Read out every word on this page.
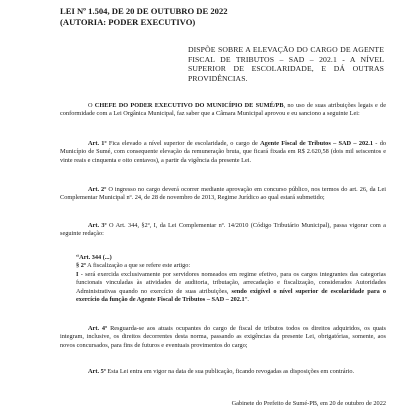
LEI Nº 1.504, DE 20 DE OUTUBRO DE 2022
(AUTORIA: PODER EXECUTIVO)

DISPÕE SOBRE A ELEVAÇÃO DO CARGO DE AGENTE FISCAL DE TRIBUTOS – SAD – 202.1 - A NÍVEL SUPERIOR DE ESCOLARIDADE, E DÁ OUTRAS PROVIDÊNCIAS.

O CHEFE DO PODER EXECUTIVO DO MUNICÍPIO DE SUMÉ/PB, no uso de suas atribuições legais e de conformidade com a Lei Orgânica Municipal, faz saber que a Câmara Municipal aprovou e eu sanciono a seguinte Lei:

Art. 1º Fica elevado a nível superior de escolaridade, o cargo de Agente Fiscal de Tributos – SAD – 202.1 - do Município de Sumé, com consequente elevação da remuneração bruta, que ficará fixada em R$ 2.620,58 (dois mil seiscentos e vinte reais e cinquenta e oito centavos), a partir da vigência da presente Lei.

Art. 2º O ingresso no cargo deverá ocorrer mediante aprovação em concurso público, nos termos do art. 26, da Lei Complementar Municipal nº. 24, de 28 de novembro de 2013, Regime Jurídico ao qual estará submetido;

Art. 3º O Art. 344, §2º, I, da Lei Complementar nº. 14/2010 (Código Tributário Municipal), passa vigorar com a seguinte redação:

“Art. 344 (...)
§ 2º A fiscalização a que se refere este artigo:
I - será exercida exclusivamente por servidores nomeados em regime efetivo, para os cargos integrantes das categorias funcionais vinculadas às atividades de auditoria, tributação, arrecadação e fiscalização, considerados Autoridades Administrativas quando no exercício de suas atribuições, sendo exigível o nível superior de escolaridade para o exercício da função de Agente Fiscal de Tributos – SAD – 202.1”.

Art. 4º Resguarda-se aos atuais ocupantes do cargo de fiscal de tributos todos os direitos adquiridos, os quais integram, inclusive, os direitos decorrentes desta norma, passando as exigências da presente Lei, obrigatórias, somente, aos novos concursados, para fins de futuros e eventuais provimentos do cargo;

Art. 5º Esta Lei entra em vigor na data de sua publicação, ficando revogadas as disposições em contrário.

Gabinete do Prefeito de Sumé-PB, em 20 de outubro de 2022
